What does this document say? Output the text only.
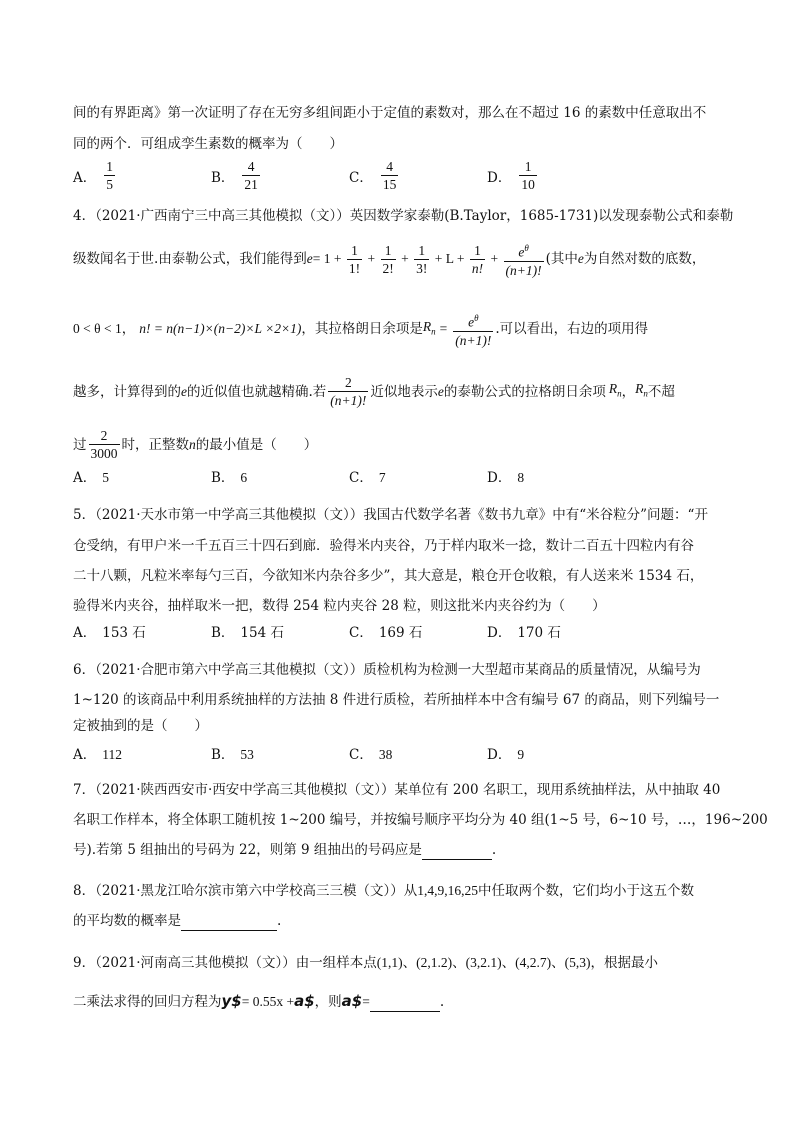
间的有界距离》第一次证明了存在无穷多组间距小于定值的素数对，那么在不超过 16 的素数中任意取出不
同的两个．可组成孪生素数的概率为（　　）
A． $\frac{1}{5}$	B． $\frac{4}{21}$	C． $\frac{4}{15}$	D． $\frac{1}{10}$
4．（2021·广西南宁三中高三其他模拟（文））英因数学家泰勒(B.Taylor，1685-1731)以发现泰勒公式和泰勒
级数闻名于世.由泰勒公式，我们能得到 $e = 1 + \frac{1}{1!} + \frac{1}{2!} + \frac{1}{3!} + L + \frac{1}{n!} + \frac{e^\theta}{(n+1)!}$ (其中 e 为自然对数的底数，
0 < θ < 1， n! = n(n−1)×(n−2)×L ×2×1) ，其拉格朗日余项是 $R_n = \frac{e^\theta}{(n+1)!}$ .可以看出，右边的项用得
越多，计算得到的 e 的近似值也就越精确.若 $\frac{2}{(n+1)!}$ 近似地表示 e 的泰勒公式的拉格朗日余项 $R_n$ ， $R_n$ 不超
过 $\frac{2}{3000}$ 时，正整数 n 的最小值是（　　）
A． 5	B． 6	C． 7	D． 8
5．（2021·天水市第一中学高三其他模拟（文））我国古代数学名著《数书九章》中有“米谷粒分”问题：“开
仓受纳，有甲户米一千五百三十四石到廊．验得米内夹谷，乃于样内取米一捻，数计二百五十四粒内有谷
二十八颗，凡粒米率每勺三百，今欲知米内杂谷多少”，其大意是，粮仓开仓收粮，有人送来米 1534 石，
验得米内夹谷，抽样取米一把，数得 254 粒内夹谷 28 粒，则这批米内夹谷约为（　　）
A． 153 石	B． 154 石	C． 169 石	D． 170 石
6．（2021·合肥市第六中学高三其他模拟（文））质检机构为检测一大型超市某商品的质量情况，从编号为
1~120 的该商品中利用系统抽样的方法抽 8 件进行质检，若所抽样本中含有编号 67 的商品，则下列编号一
定被抽到的是（　　）
A． 112	B． 53	C． 38	D． 9
7．（2021·陕西西安市·西安中学高三其他模拟（文））某单位有 200 名职工，现用系统抽样法，从中抽取 40
名职工作样本，将全体职工随机按 1~200 编号，并按编号顺序平均分为 40 组(1~5 号，6~10 号，…，196~200
号).若第 5 组抽出的号码为 22，则第 9 组抽出的号码应是	.
8．（2021·黑龙江哈尔滨市第六中学校高三三模（文））从1,4,9,16,25中任取两个数，它们均小于这五个数
的平均数的概率是	.
9．（2021·河南高三其他模拟（文））由一组样本点(1,1)、(2,1.2)、(3,2.1)、(4,2.7)、(5,3)，根据最小
二乘法求得的回归方程为y$= 0.55x +a$，则a$=	.
